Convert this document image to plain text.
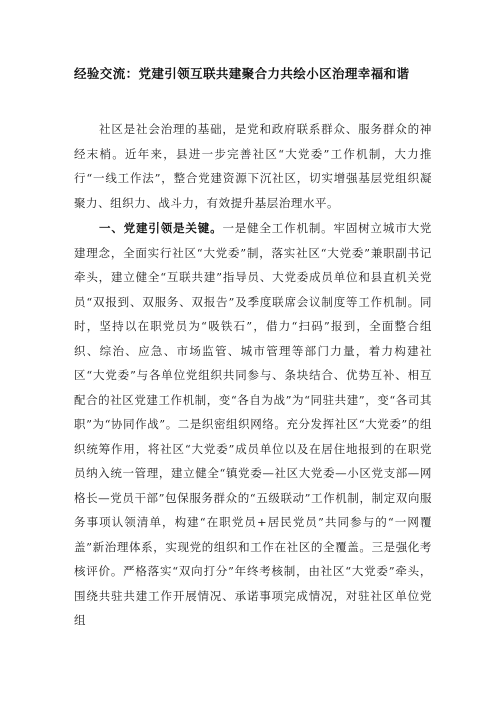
经验交流：党建引领互联共建聚合力共绘小区治理幸福和谐
社区是社会治理的基础，是党和政府联系群众、服务群众的神经末梢。近年来，县进一步完善社区“大党委”工作机制，大力推行“一线工作法”，整合党建资源下沉社区，切实增强基层党组织凝聚力、组织力、战斗力，有效提升基层治理水平。
一、党建引领是关键。一是健全工作机制。牢固树立城市大党建理念，全面实行社区“大党委”制，落实社区“大党委”兼职副书记牵头，建立健全“互联共建”指导员、大党委成员单位和县直机关党员“双报到、双服务、双报告”及季度联席会议制度等工作机制。同时，坚持以在职党员为“吸铁石”，借力“扫码”报到，全面整合组织、综治、应急、市场监管、城市管理等部门力量，着力构建社区“大党委”与各单位党组织共同参与、条块结合、优势互补、相互配合的社区党建工作机制，变“各自为战”为“同驻共建”，变“各司其职”为“协同作战”。二是织密组织网络。充分发挥社区“大党委”的组织统筹作用，将社区“大党委”成员单位以及在居住地报到的在职党员纳入统一管理，建立健全“镇党委—社区大党委—小区党支部—网格长—党员干部”包保服务群众的“五级联动”工作机制，制定双向服务事项认领清单，构建“在职党员+居民党员”共同参与的“一网覆盖”新治理体系，实现党的组织和工作在社区的全覆盖。三是强化考核评价。严格落实“双向打分”年终考核制，由社区“大党委”牵头，围绕共驻共建工作开展情况、承诺事项完成情况，对驻社区单位党组
